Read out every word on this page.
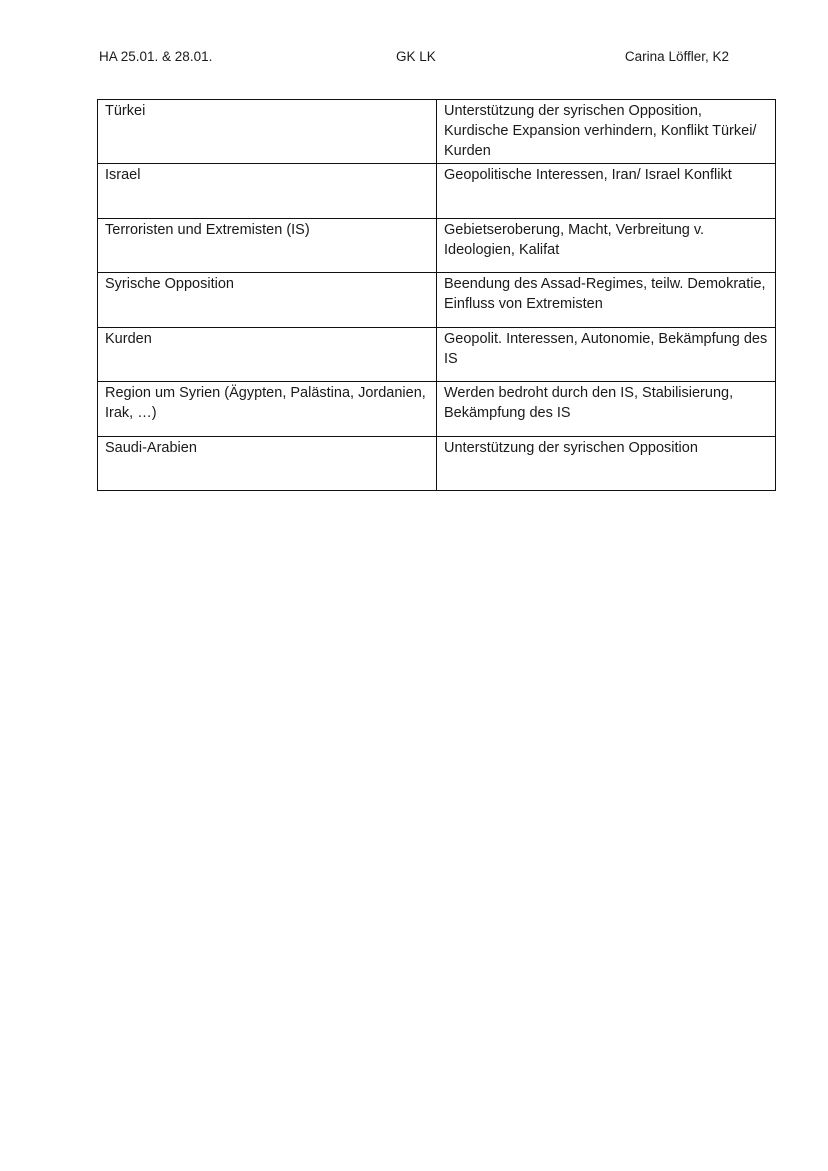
HA 25.01. & 28.01.	GK LK	Carina Löffler, K2
Türkei	Unterstützung der syrischen Opposition, Kurdische Expansion verhindern, Konflikt Türkei/ Kurden
Israel	Geopolitische Interessen, Iran/ Israel Konflikt
Terroristen und Extremisten (IS)	Gebietseroberung, Macht, Verbreitung v. Ideologien, Kalifat
Syrische Opposition	Beendung des Assad-Regimes, teilw. Demokratie, Einfluss von Extremisten
Kurden	Geopolit. Interessen, Autonomie, Bekämpfung des IS
Region um Syrien (Ägypten, Palästina, Jordanien, Irak, …)	Werden bedroht durch den IS, Stabilisierung, Bekämpfung des IS
Saudi-Arabien	Unterstützung der syrischen Opposition
